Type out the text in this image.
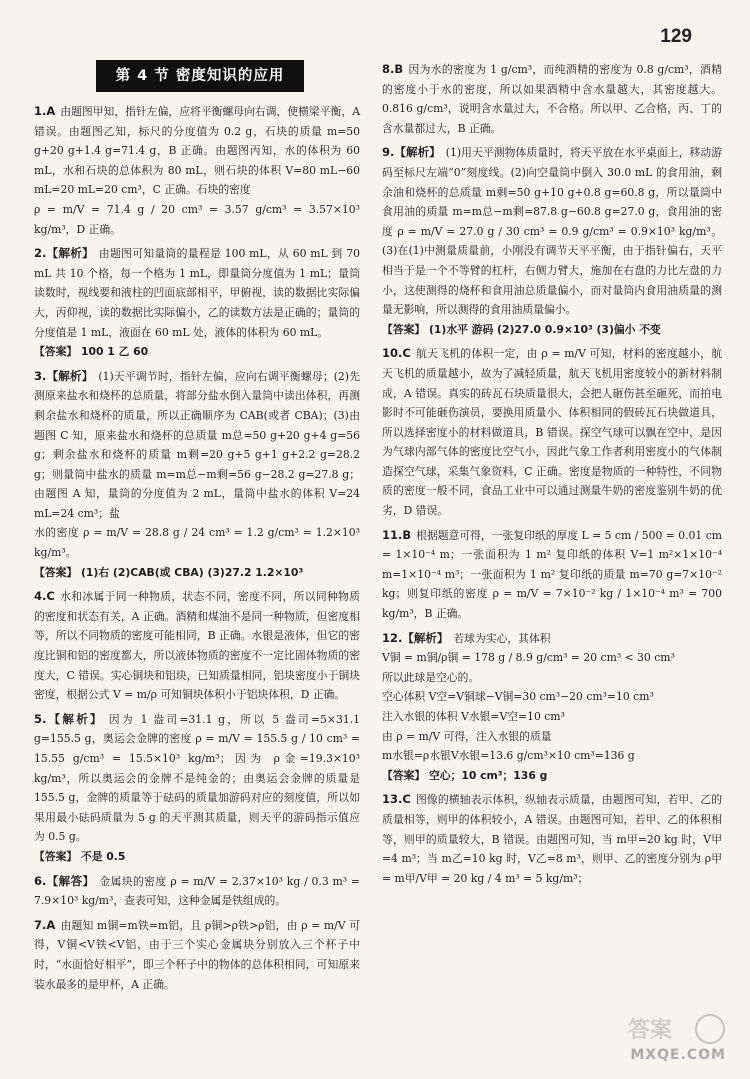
129
第 4 节 密度知识的应用

1.A 由题图甲知，指针左偏，应将平衡螺母向右调，使横梁平衡，A 错误。由题图乙知，标尺的分度值为 0.2 g，石块的质量 m=50 g+20 g+1.4 g=71.4 g，B 正确。由题图丙知，水的体积为 60 mL，水和石块的总体积为 80 mL，则石块的体积 V=80 mL−60 mL=20 mL=20 cm³，C 正确。石块的密度

ρ = m/V = 71.4 g / 20 cm³ = 3.57 g/cm³ = 3.57×10³ kg/m³，D 正确。

2.【解析】 由题图可知量筒的量程是 100 mL，从 60 mL 到 70 mL 共 10 个格，每一个格为 1 mL，即量筒分度值为 1 mL；量筒读数时，视线要和液柱的凹面底部相平，甲俯视，读的数据比实际偏大，丙仰视，读的数据比实际偏小，乙的读数方法是正确的；量筒的分度值是 1 mL，液面在 60 mL 处，液体的体积为 60 mL。

【答案】 100 1 乙 60

3.【解析】 (1)天平调节时，指针左偏，应向右调平衡螺母；(2)先测原来盐水和烧杯的总质量，将部分盐水倒入量筒中读出体积，再测剩余盐水和烧杯的质量，所以正确顺序为 CAB(或者 CBA)；(3)由题图 C 知，原来盐水和烧杯的总质量 m总=50 g+20 g+4 g=56 g；剩余盐水和烧杯的质量 m剩=20 g+5 g+1 g+2.2 g=28.2 g；则量筒中盐水的质量 m=m总−m剩=56 g−28.2 g=27.8 g；由题图 A 知，量筒的分度值为 2 mL，量筒中盐水的体积 V=24 mL=24 cm³；盐

水的密度 ρ = m/V = 28.8 g / 24 cm³ = 1.2 g/cm³ = 1.2×10³ kg/m³。

【答案】 (1)右 (2)CAB(或 CBA) (3)27.2 1.2×10³

4.C 水和冰属于同一种物质，状态不同，密度不同，所以同种物质的密度和状态有关，A 正确。酒精和煤油不是同一种物质，但密度相等，所以不同物质的密度可能相同，B 正确。水银是液体，但它的密度比铜和铝的密度都大，所以液体物质的密度不一定比固体物质的密度大，C 错误。实心铜块和铝块，已知质量相同，铝块密度小于铜块密度，根据公式 V = m/ρ 可知铜块体积小于铝块体积，D 正确。

5.【解析】 因为 1 盎司=31.1 g，所以 5 盎司=5×31.1 g=155.5 g，奥运会金牌的密度 ρ = m/V = 155.5 g / 10 cm³ = 15.55 g/cm³ = 15.5×10³ kg/m³；因为 ρ金=19.3×10³ kg/m³，所以奥运会的金牌不是纯金的；由奥运会金牌的质量是 155.5 g，金牌的质量等于砝码的质量加游码对应的刻度值，所以如果用最小砝码质量为 5 g 的天平测其质量，则天平的游码指示值应为 0.5 g。

【答案】 不是 0.5

6.【解答】 金属块的密度 ρ = m/V = 2.37×10³ kg / 0.3 m³ = 7.9×10³ kg/m³，查表可知，这种金属是铁组成的。

7.A 由题知 m铜=m铁=m铝，且 ρ铜>ρ铁>ρ铝，由 ρ = m/V 可得，V铜<V铁<V铝，由于三个实心金属块分别放入三个杯子中时，“水面恰好相平”，即三个杯子中的物体的总体积相同，可知原来装水最多的是甲杯，A 正确。

8.B 因为水的密度为 1 g/cm³，而纯酒精的密度为 0.8 g/cm³，酒精的密度小于水的密度，所以如果酒精中含水量越大，其密度越大。0.816 g/cm³，说明含水量过大，不合格。所以甲、乙合格，丙、丁的含水量都过大，B 正确。

9.【解析】 (1)用天平测物体质量时，将天平放在水平桌面上，移动游码至标尺左端“0”刻度线。(2)向空量筒中倒入 30.0 mL 的食用油，剩余油和烧杯的总质量 m剩=50 g+10 g+0.8 g=60.8 g，所以量筒中食用油的质量 m=m总−m剩=87.8 g−60.8 g=27.0 g，食用油的密度 ρ = m/V = 27.0 g / 30 cm³ = 0.9 g/cm³ = 0.9×10³ kg/m³。(3)在(1)中测量质量前，小刚没有调节天平平衡，由于指针偏右，天平相当于是一个不等臂的杠杆，右侧力臂大，施加在右盘的力比左盘的力小，这使测得的烧杯和食用油总质量偏小，而对量筒内食用油质量的测量无影响，所以测得的食用油质量偏小。

【答案】 (1)水平 游码 (2)27.0 0.9×10³ (3)偏小 不变

10.C 航天飞机的体积一定，由 ρ = m/V 可知，材料的密度越小，航天飞机的质量越小，故为了减轻质量，航天飞机用密度较小的新材料制成，A 错误。真实的砖瓦石块质量很大，会把人砸伤甚至砸死，而拍电影时不可能砸伤演员，要换用质量小、体积相同的假砖瓦石块做道具，所以选择密度小的材料做道具，B 错误。探空气球可以飘在空中，是因为气球内部气体的密度比空气小，因此气象工作者利用密度小的气体制造探空气球，采集气象资料，C 正确。密度是物质的一种特性，不同物质的密度一般不同，食品工业中可以通过测量牛奶的密度鉴别牛奶的优劣，D 错误。

11.B 根据题意可得，一张复印纸的厚度 L = 5 cm / 500 = 0.01 cm = 1×10⁻⁴ m；一张面积为 1 m² 复印纸的体积 V=1 m²×1×10⁻⁴ m=1×10⁻⁴ m³；一张面积为 1 m² 复印纸的质量 m=70 g=7×10⁻² kg；则复印纸的密度 ρ = m/V = 7×10⁻² kg / 1×10⁻⁴ m³ = 700 kg/m³，B 正确。

12.【解析】 若球为实心，其体积

V铜 = m铜/ρ铜 = 178 g / 8.9 g/cm³ = 20 cm³ < 30 cm³

所以此球是空心的。

空心体积 V空=V铜球−V铜=30 cm³−20 cm³=10 cm³

注入水银的体积 V水银=V空=10 cm³

由 ρ = m/V 可得，注入水银的质量

m水银=ρ水银V水银=13.6 g/cm³×10 cm³=136 g

【答案】 空心；10 cm³；136 g

13.C 图像的横轴表示体积，纵轴表示质量，由题图可知，若甲、乙的质量相等，则甲的体积较小，A 错误。由题图可知，若甲、乙的体积相等，则甲的质量较大，B 错误。由题图可知，当 m甲=20 kg 时，V甲=4 m³；当 m乙=10 kg 时，V乙=8 m³，则甲、乙的密度分别为 ρ甲 = m甲/V甲 = 20 kg / 4 m³ = 5 kg/m³；

答案
MXQE.COM
